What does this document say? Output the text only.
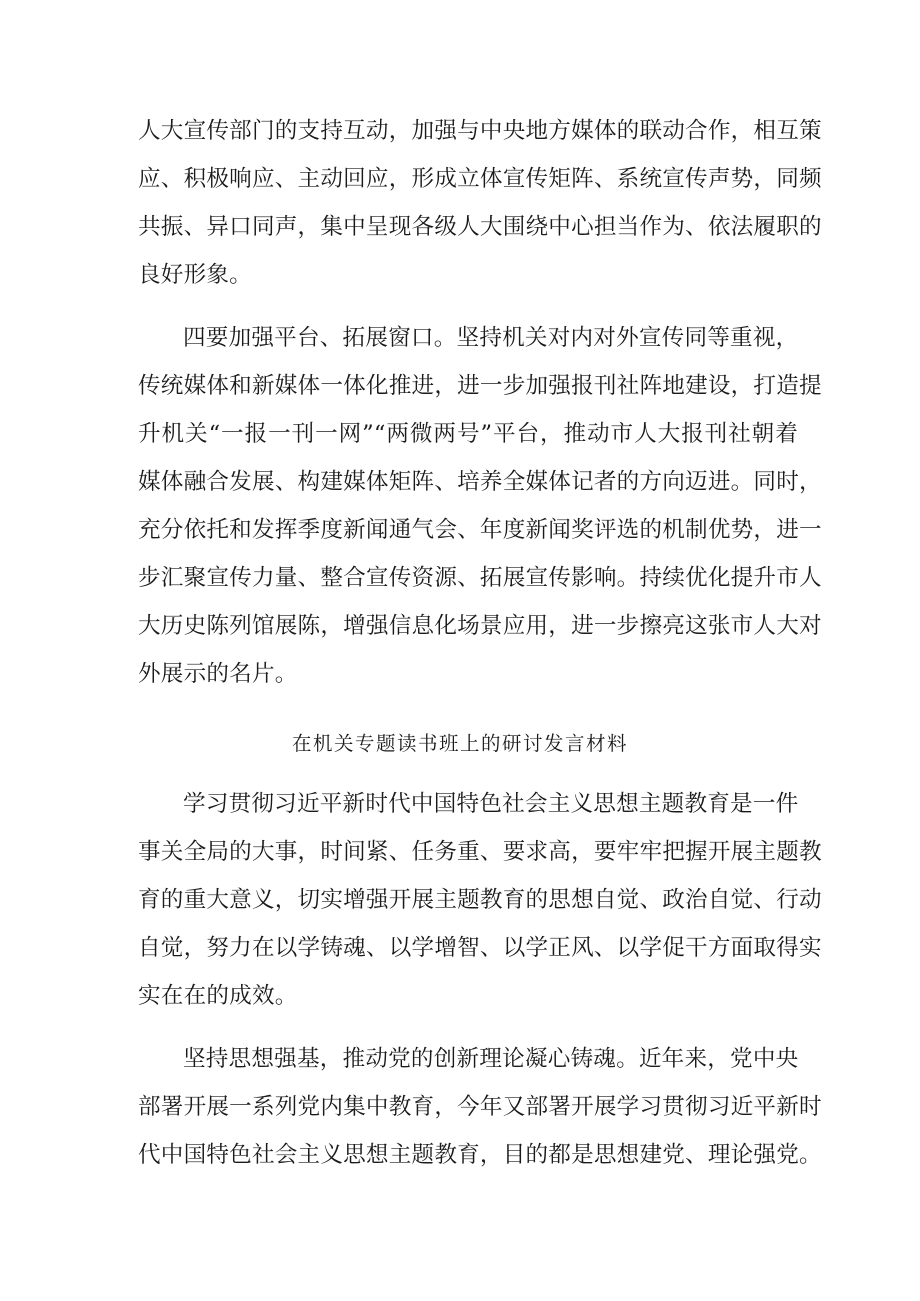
人大宣传部门的支持互动，加强与中央地方媒体的联动合作，相互策
应、积极响应、主动回应，形成立体宣传矩阵、系统宣传声势，同频
共振、异口同声，集中呈现各级人大围绕中心担当作为、依法履职的
良好形象。
四要加强平台、拓展窗口。坚持机关对内对外宣传同等重视，
传统媒体和新媒体一体化推进，进一步加强报刊社阵地建设，打造提
升机关“一报一刊一网”“两微两号”平台，推动市人大报刊社朝着
媒体融合发展、构建媒体矩阵、培养全媒体记者的方向迈进。同时，
充分依托和发挥季度新闻通气会、年度新闻奖评选的机制优势，进一
步汇聚宣传力量、整合宣传资源、拓展宣传影响。持续优化提升市人
大历史陈列馆展陈，增强信息化场景应用，进一步擦亮这张市人大对
外展示的名片。
在机关专题读书班上的研讨发言材料
学习贯彻习近平新时代中国特色社会主义思想主题教育是一件
事关全局的大事，时间紧、任务重、要求高，要牢牢把握开展主题教
育的重大意义，切实增强开展主题教育的思想自觉、政治自觉、行动
自觉，努力在以学铸魂、以学增智、以学正风、以学促干方面取得实
实在在的成效。
坚持思想强基，推动党的创新理论凝心铸魂。近年来，党中央
部署开展一系列党内集中教育，今年又部署开展学习贯彻习近平新时
代中国特色社会主义思想主题教育，目的都是思想建党、理论强党。
